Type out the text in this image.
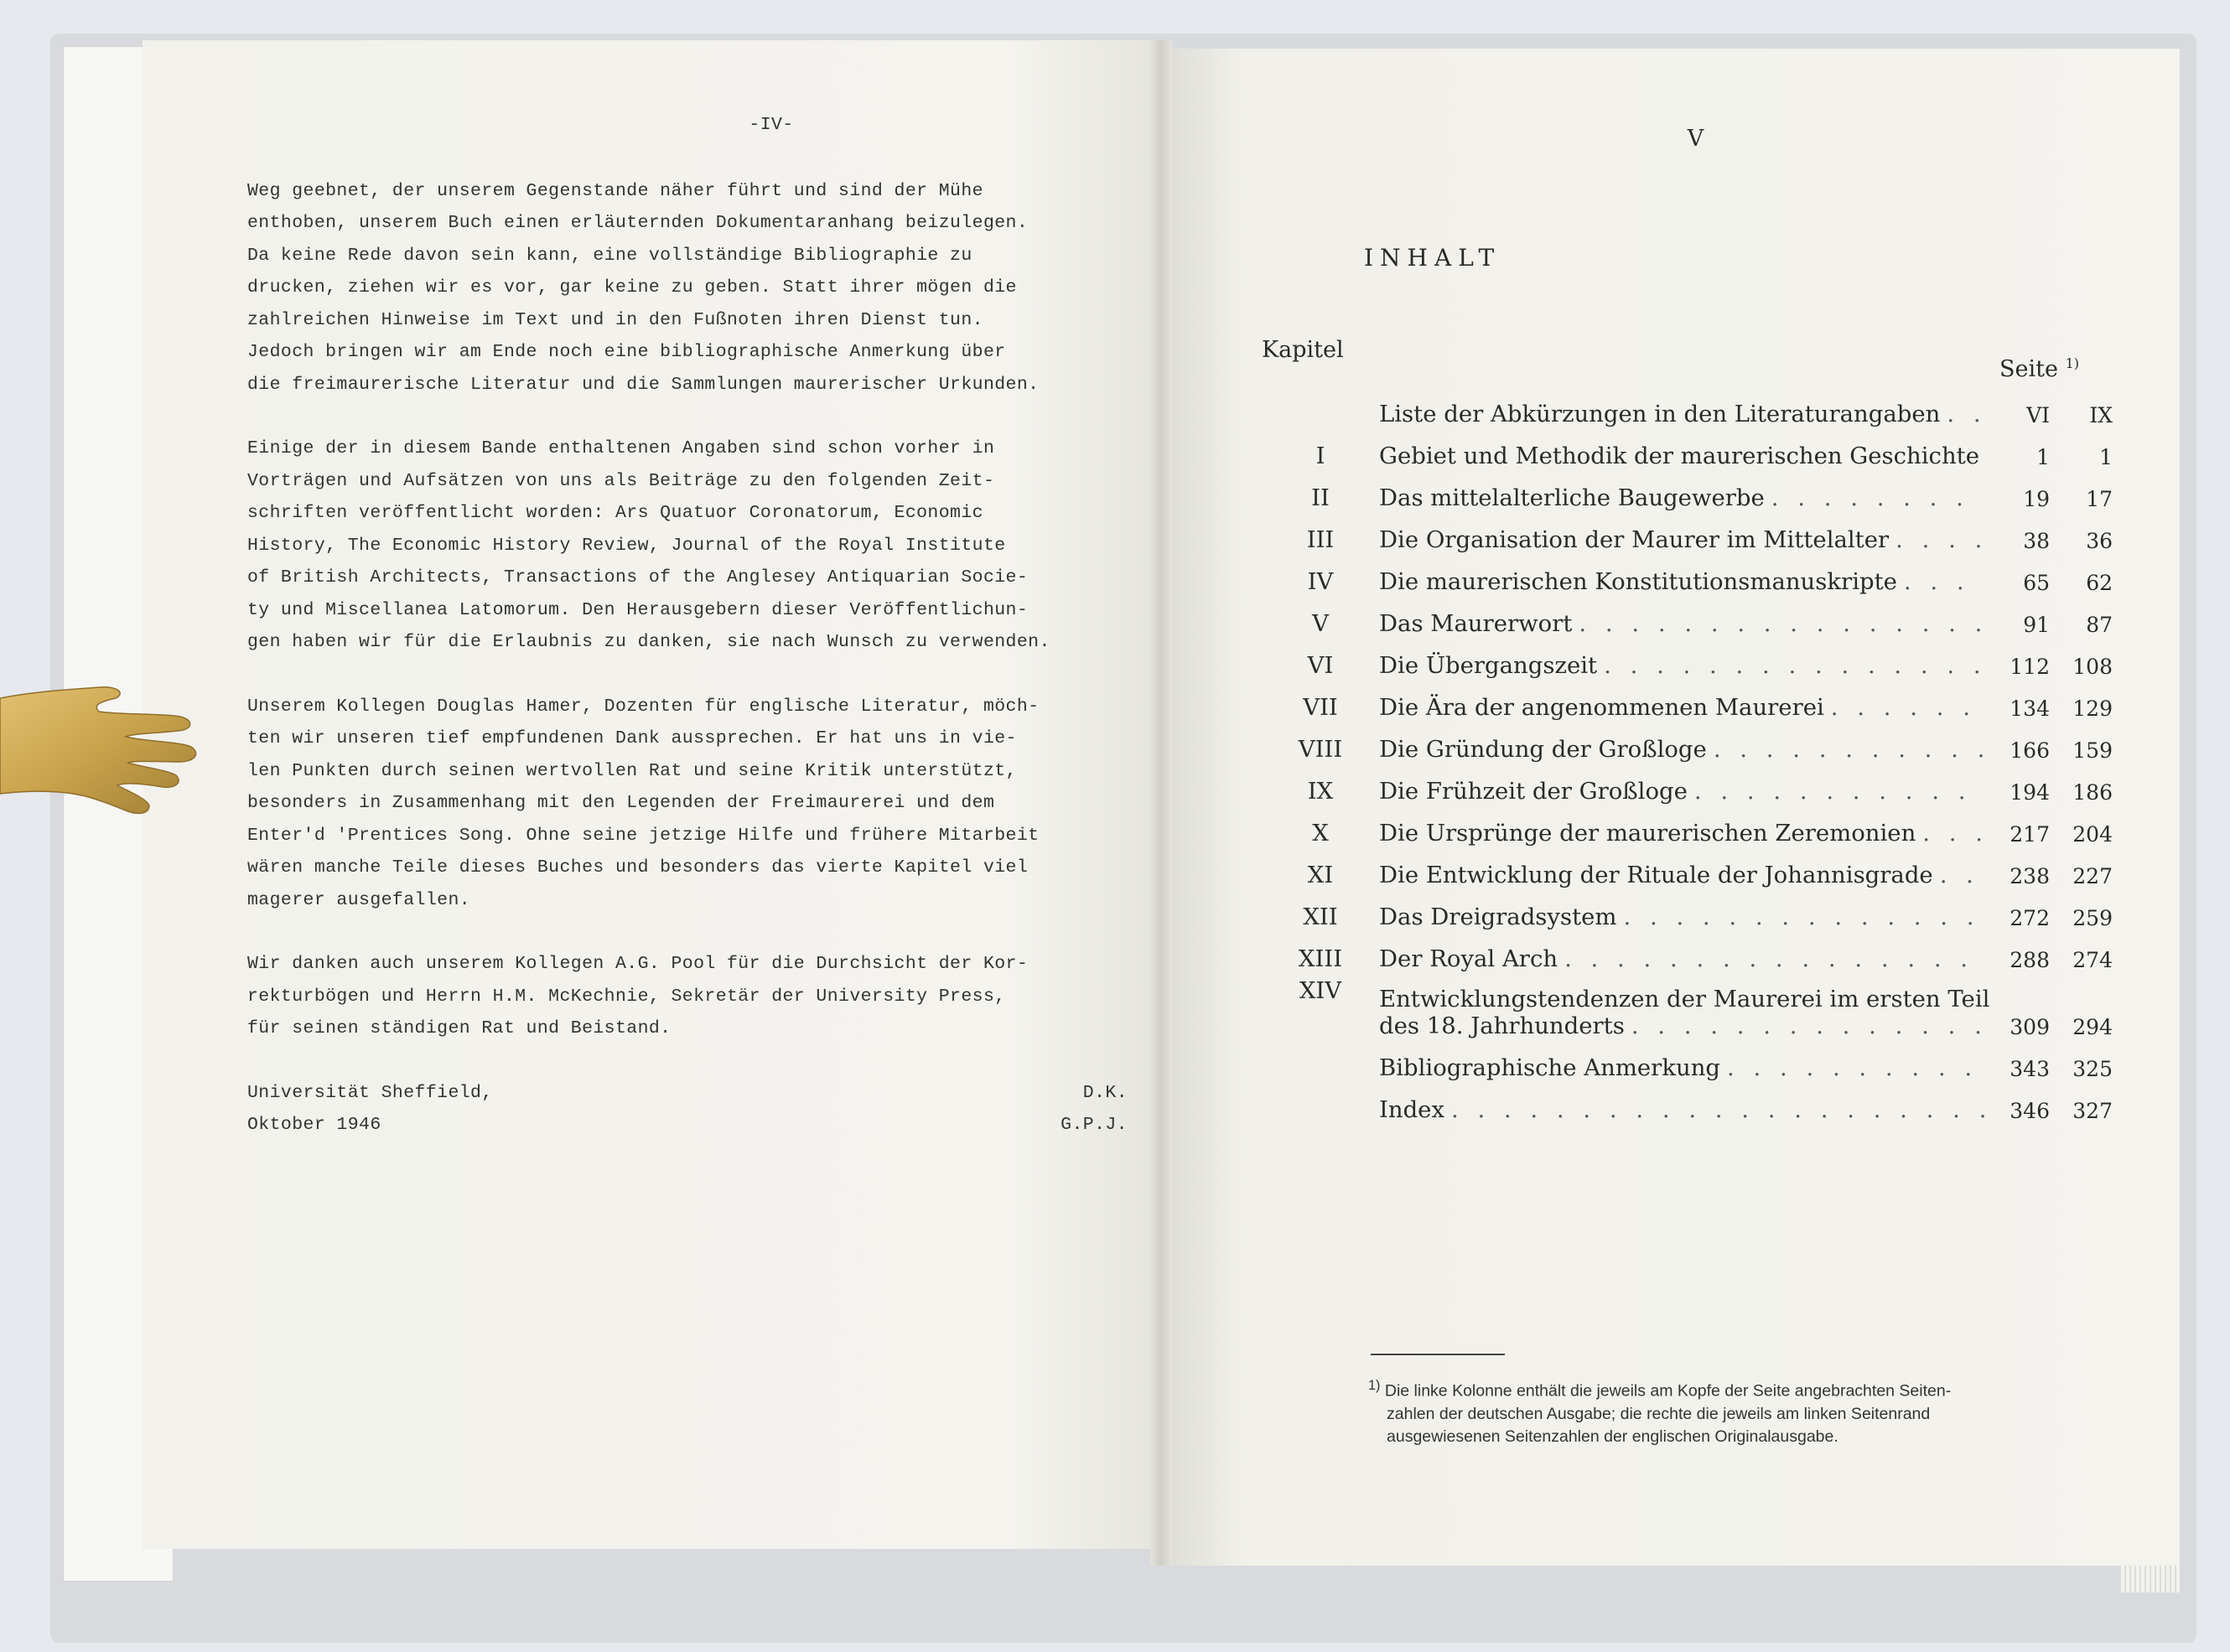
-IV-
Weg geebnet, der unserem Gegenstande näher führt und sind der Mühe
enthoben, unserem Buch einen erläuternden Dokumentaranhang beizulegen.
Da keine Rede davon sein kann, eine vollständige Bibliographie zu
drucken, ziehen wir es vor, gar keine zu geben. Statt ihrer mögen die
zahlreichen Hinweise im Text und in den Fußnoten ihren Dienst tun.
Jedoch bringen wir am Ende noch eine bibliographische Anmerkung über
die freimaurerische Literatur und die Sammlungen maurerischer Urkunden.
Einige der in diesem Bande enthaltenen Angaben sind schon vorher in
Vorträgen und Aufsätzen von uns als Beiträge zu den folgenden Zeit-
schriften veröffentlicht worden: Ars Quatuor Coronatorum, Economic
History, The Economic History Review, Journal of the Royal Institute
of British Architects, Transactions of the Anglesey Antiquarian Socie-
ty und Miscellanea Latomorum. Den Herausgebern dieser Veröffentlichun-
gen haben wir für die Erlaubnis zu danken, sie nach Wunsch zu verwenden.
Unserem Kollegen Douglas Hamer, Dozenten für englische Literatur, möch-
ten wir unseren tief empfundenen Dank aussprechen. Er hat uns in vie-
len Punkten durch seinen wertvollen Rat und seine Kritik unterstützt,
besonders in Zusammenhang mit den Legenden der Freimaurerei und dem
Enter'd 'Prentices Song. Ohne seine jetzige Hilfe und frühere Mitarbeit
wären manche Teile dieses Buches und besonders das vierte Kapitel viel
magerer ausgefallen.
Wir danken auch unserem Kollegen A.G. Pool für die Durchsicht der Kor-
rekturbögen und Herrn H.M. McKechnie, Sekretär der University Press,
für seinen ständigen Rat und Beistand.
Universität Sheffield,
Oktober 1946
D.K.
G.P.J.
V
INHALT
Kapitel
Seite $^{1)}$
Liste der Abkürzungen in den Literaturangaben . . .	VI	IX
I	Gebiet und Methodik der maurerischen Geschichte	1	1
II	Das mittelalterliche Baugewerbe . . .	19	17
III	Die Organisation der Maurer im Mittelalter . . .	38	36
IV	Die maurerischen Konstitutionsmanuskripte . . .	65	62
V	Das Maurerwort . . .	91	87
VI	Die Übergangszeit . . .	112	108
VII	Die Ära der angenommenen Maurerei . . .	134	129
VIII	Die Gründung der Großloge . . .	166	159
IX	Die Frühzeit der Großloge . . .	194	186
X	Die Ursprünge der maurerischen Zeremonien . . .	217	204
XI	Die Entwicklung der Rituale der Johannisgrade . . .	238	227
XII	Das Dreigradsystem . . .	272	259
XIII	Der Royal Arch . . .	288	274
XIV	Entwicklungstendenzen der Maurerei im ersten Teil
des 18. Jahrhunderts . . .	309	294
Bibliographische Anmerkung . . .	343	325
Index . . .	346	327
$^{1)}$ Die linke Kolonne enthält die jeweils am Kopfe der Seite angebrachten Seiten-
zahlen der deutschen Ausgabe; die rechte die jeweils am linken Seitenrand
ausgewiesenen Seitenzahlen der englischen Originalausgabe.
